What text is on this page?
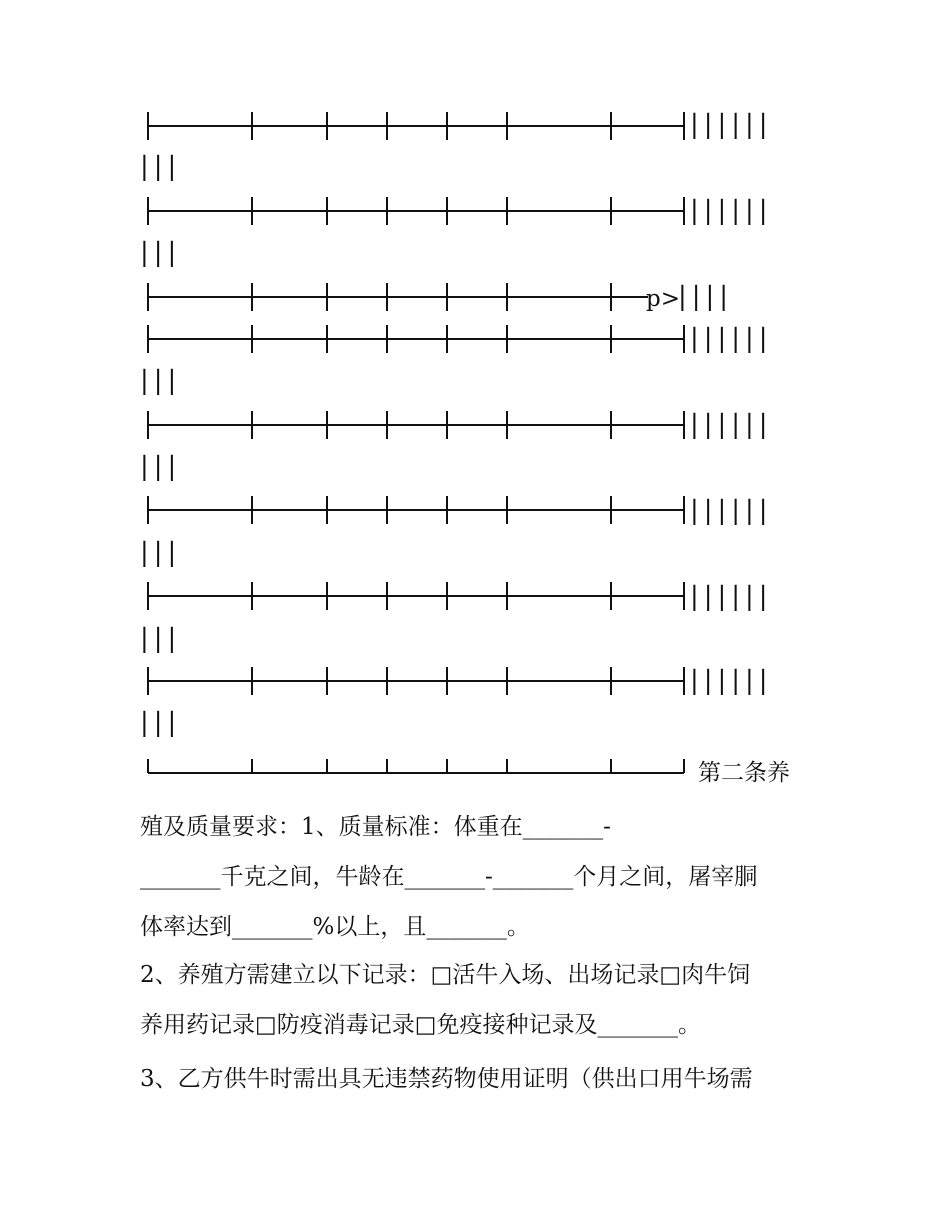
||||||
|||
||||||
|||
p>
||||
||||||
|||
||||||
|||
||||||
|||
||||||
|||
||||||
|||
第二条养
殖及质量要求：1、质量标准：体重在_______-
_______千克之间，牛龄在_______-_______个月之间，屠宰胴
体率达到_______%以上，且_______。
2、养殖方需建立以下记录：□活牛入场、出场记录□肉牛饲
养用药记录□防疫消毒记录□免疫接种记录及_______。
3、乙方供牛时需出具无违禁药物使用证明（供出口用牛场需
